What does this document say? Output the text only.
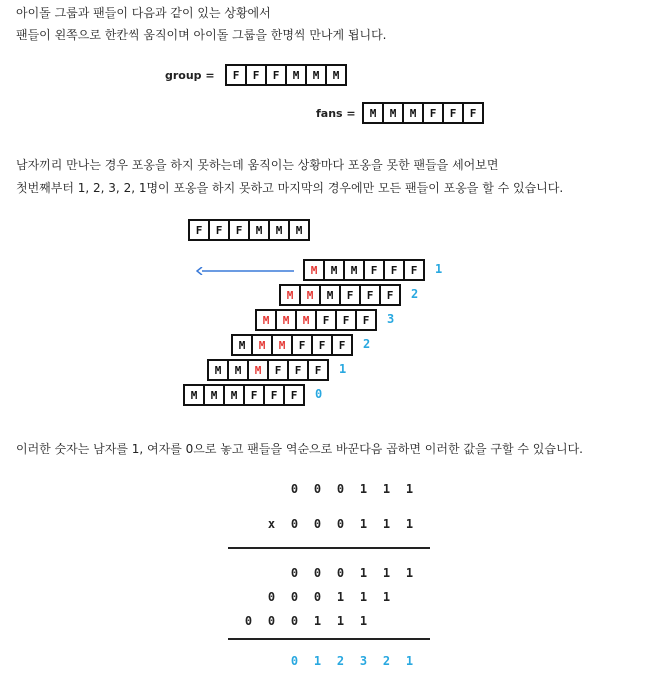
아이돌 그룹과 팬들이 다음과 같이 있는 상황에서
팬들이 왼쪽으로 한칸씩 움직이며 아이돌 그룹을 한명씩 만나게 됩니다.
group =	F	F	F	M	M	M
fans =	M	M	M	F	F	F
남자끼리 만나는 경우 포옹을 하지 못하는데 움직이는 상황마다 포옹을 못한 팬들을 세어보면
첫번째부터 1, 2, 3, 2, 1명이 포옹을 하지 못하고 마지막의 경우에만 모든 팬들이 포옹을 할 수 있습니다.
F	F	F	M	M	M
M	M	M	F	F	F	1
M	M	M	F	F	F	2
M	M	M	F	F	F	3
M	M	M	F	F	F	2
M	M	M	F	F	F	1
M	M	M	F	F	F	0
이러한 숫자는 남자를 1, 여자를 0으로 놓고 팬들을 역순으로 바꾼다음 곱하면 이러한 값을 구할 수 있습니다.
0	0	0	1	1	1
x	0	0	0	1	1	1
0	0	0	1	1	1
0	0	0	1	1	1
0	0	0	1	1	1
0	1	2	3	2	1
